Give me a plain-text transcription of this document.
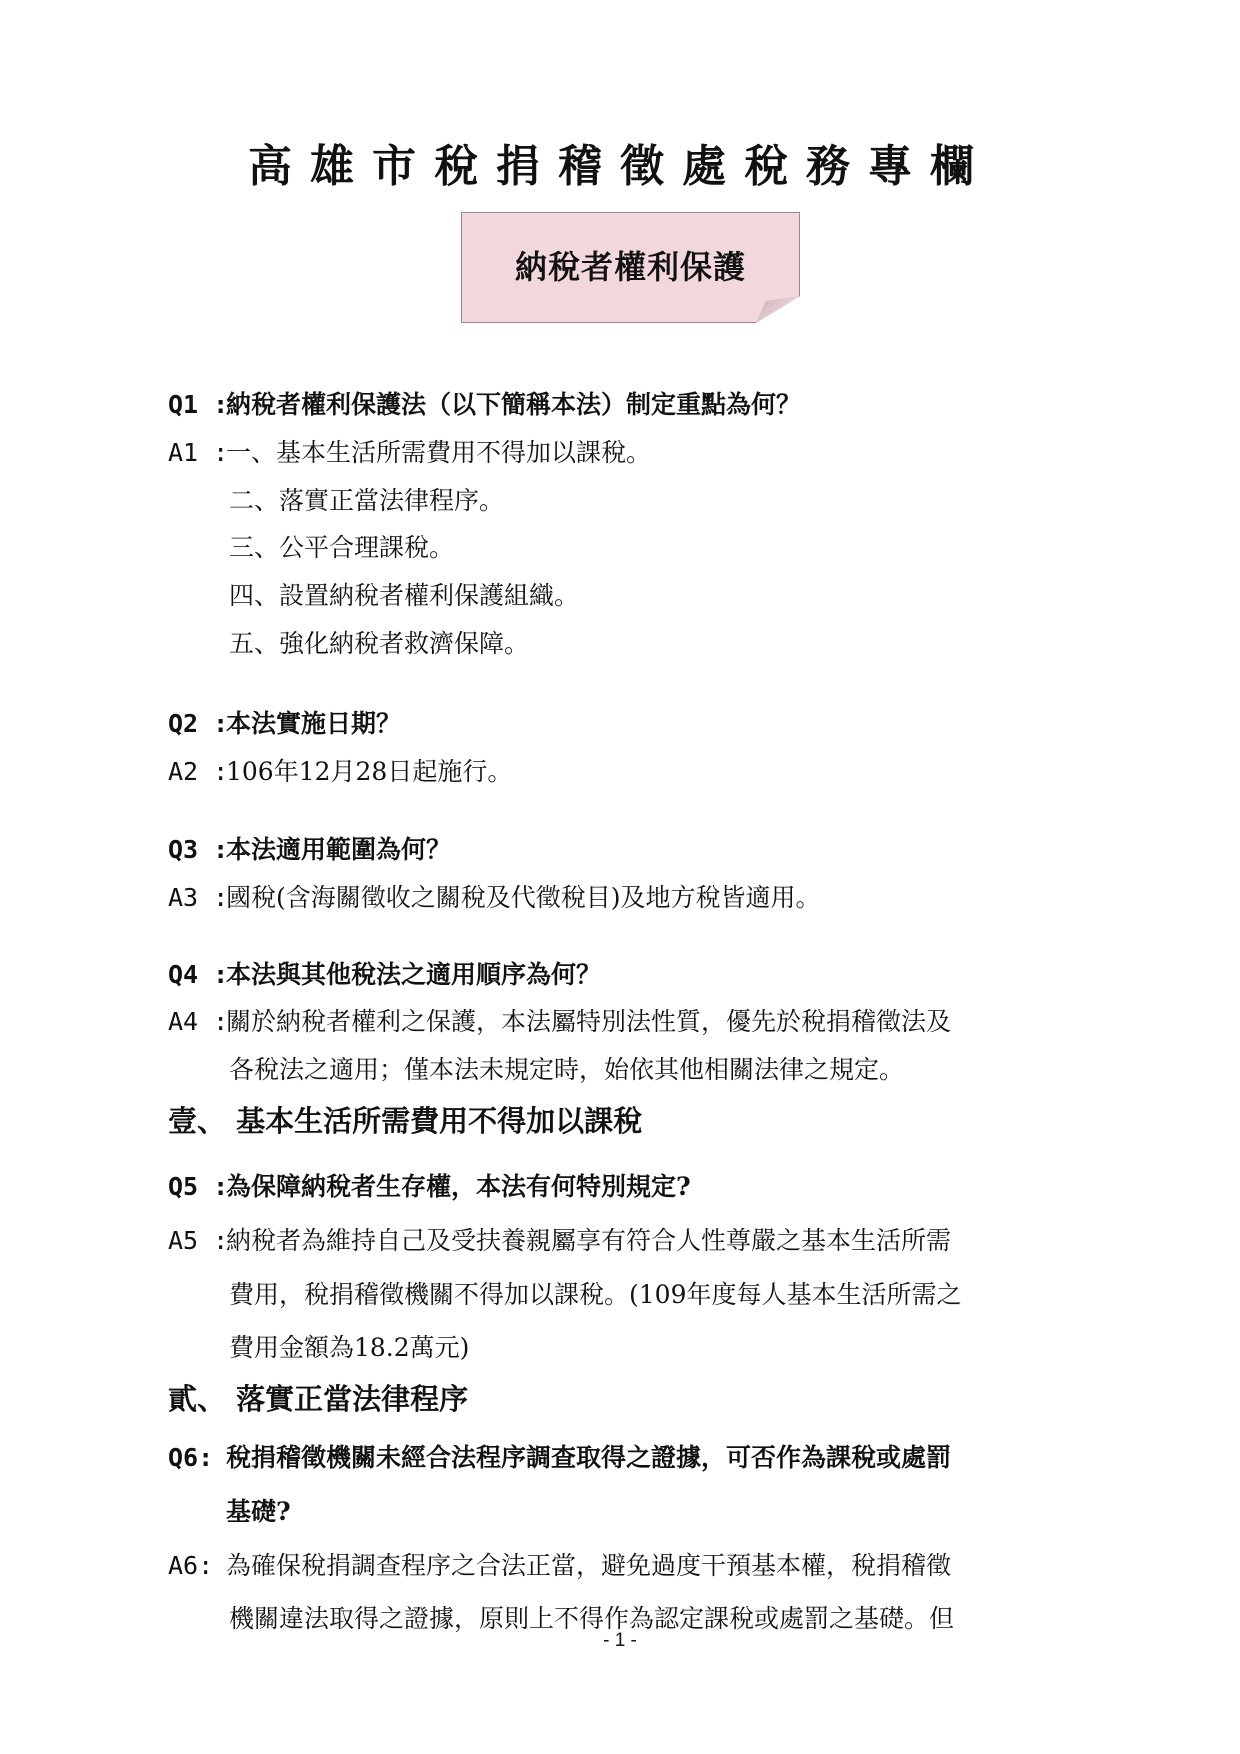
高雄市稅捐稽徵處稅務專欄
納稅者權利保護
Q1 :納稅者權利保護法（以下簡稱本法）制定重點為何？
A1 :一、基本生活所需費用不得加以課稅。
二、落實正當法律程序。
三、公平合理課稅。
四、設置納稅者權利保護組織。
五、強化納稅者救濟保障。
Q2 :本法實施日期？
A2 :106年12月28日起施行。
Q3 :本法適用範圍為何？
A3 :國稅(含海關徵收之關稅及代徵稅目)及地方稅皆適用。
Q4 :本法與其他稅法之適用順序為何？
A4 :關於納稅者權利之保護，本法屬特別法性質，優先於稅捐稽徵法及
各稅法之適用；僅本法未規定時，始依其他相關法律之規定。
壹、 基本生活所需費用不得加以課稅
Q5 :為保障納稅者生存權，本法有何特別規定?
A5 :納稅者為維持自己及受扶養親屬享有符合人性尊嚴之基本生活所需
費用，稅捐稽徵機關不得加以課稅。(109年度每人基本生活所需之
費用金額為18.2萬元)
貳、 落實正當法律程序
Q6: 稅捐稽徵機關未經合法程序調查取得之證據，可否作為課稅或處罰
基礎?
A6: 為確保稅捐調查程序之合法正當，避免過度干預基本權，稅捐稽徵
機關違法取得之證據，原則上不得作為認定課稅或處罰之基礎。但
- 1 -
